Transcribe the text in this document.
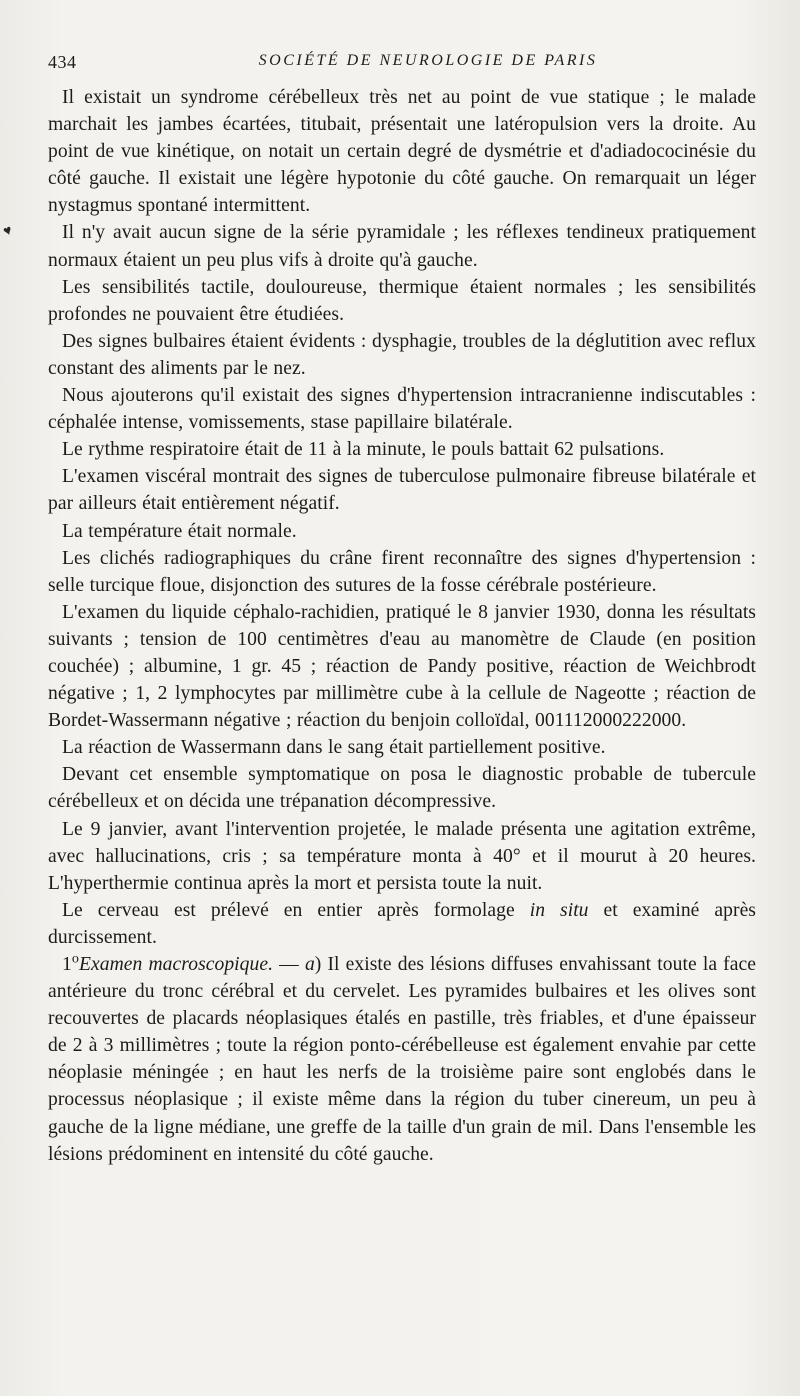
434	SOCIÉTÉ DE NEUROLOGIE DE PARIS
♥

Il existait un syndrome cérébelleux très net au point de vue statique ; le malade marchait les jambes écartées, titubait, présentait une latéropulsion vers la droite. Au point de vue kinétique, on notait un certain degré de dysmétrie et d'adiadococinésie du côté gauche. Il existait une légère hypotonie du côté gauche. On remarquait un léger nystagmus spontané intermittent.

Il n'y avait aucun signe de la série pyramidale ; les réflexes tendineux pratiquement normaux étaient un peu plus vifs à droite qu'à gauche.

Les sensibilités tactile, douloureuse, thermique étaient normales ; les sensibilités profondes ne pouvaient être étudiées.

Des signes bulbaires étaient évidents : dysphagie, troubles de la déglutition avec reflux constant des aliments par le nez.

Nous ajouterons qu'il existait des signes d'hypertension intracranienne indiscutables : céphalée intense, vomissements, stase papillaire bilatérale.

Le rythme respiratoire était de 11 à la minute, le pouls battait 62 pulsations.

L'examen viscéral montrait des signes de tuberculose pulmonaire fibreuse bilatérale et par ailleurs était entièrement négatif.

La température était normale.

Les clichés radiographiques du crâne firent reconnaître des signes d'hypertension : selle turcique floue, disjonction des sutures de la fosse cérébrale postérieure.

L'examen du liquide céphalo-rachidien, pratiqué le 8 janvier 1930, donna les résultats suivants ; tension de 100 centimètres d'eau au manomètre de Claude (en position couchée) ; albumine, 1 gr. 45 ; réaction de Pandy positive, réaction de Weichbrodt négative ; 1, 2 lymphocytes par millimètre cube à la cellule de Nageotte ; réaction de Bordet-Wassermann négative ; réaction du benjoin colloïdal, 001112000222000.

La réaction de Wassermann dans le sang était partiellement positive.

Devant cet ensemble symptomatique on posa le diagnostic probable de tubercule cérébelleux et on décida une trépanation décompressive.

Le 9 janvier, avant l'intervention projetée, le malade présenta une agitation extrême, avec hallucinations, cris ; sa température monta à 40° et il mourut à 20 heures. L'hyperthermie continua après la mort et persista toute la nuit.

Le cerveau est prélevé en entier après formolage in situ et examiné après durcissement.

1$^o$Examen macroscopique. — a) Il existe des lésions diffuses envahissant toute la face antérieure du tronc cérébral et du cervelet. Les pyramides bulbaires et les olives sont recouvertes de placards néoplasiques étalés en pastille, très friables, et d'une épaisseur de 2 à 3 millimètres ; toute la région ponto-cérébelleuse est également envahie par cette néoplasie méningée ; en haut les nerfs de la troisième paire sont englobés dans le processus néoplasique ; il existe même dans la région du tuber cinereum, un peu à gauche de la ligne médiane, une greffe de la taille d'un grain de mil. Dans l'ensemble les lésions prédominent en intensité du côté gauche.
